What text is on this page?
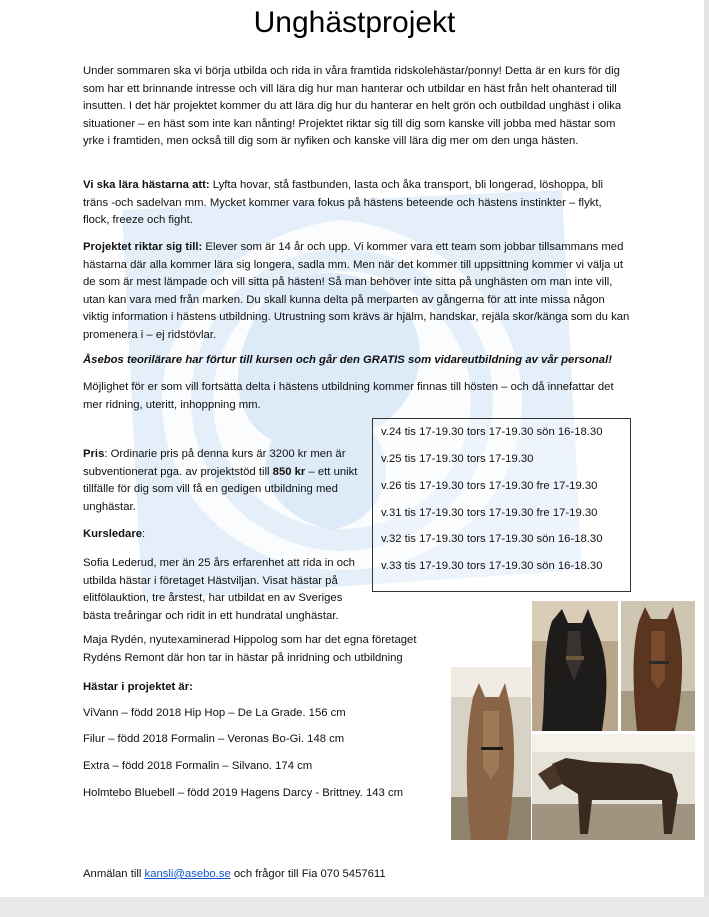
Unghästprojekt

Under sommaren ska vi börja utbilda och rida in våra framtida ridskolehästar/ponny! Detta är en kurs för dig som har ett brinnande intresse och vill lära dig hur man hanterar och utbildar en häst från helt ohanterad till insutten. I det här projektet kommer du att lära dig hur du hanterar en helt grön och outbildad unghäst i olika situationer – en häst som inte kan nånting! Projektet riktar sig till dig som kanske vill jobba med hästar som yrke i framtiden, men också till dig som är nyfiken och kanske vill lära dig mer om den unga hästen.

Vi ska lära hästarna att: Lyfta hovar, stå fastbunden, lasta och åka transport, bli longerad, löshoppa, bli träns -och sadelvan mm. Mycket kommer vara fokus på hästens beteende och hästens instinkter – flykt, flock, freeze och fight.

Projektet riktar sig till: Elever som är 14 år och upp. Vi kommer vara ett team som jobbar tillsammans med hästarna där alla kommer lära sig longera, sadla mm. Men när det kommer till uppsittning kommer vi välja ut de som är mest lämpade och vill sitta på hästen! Så man behöver inte sitta på unghästen om man inte vill, utan kan vara med från marken. Du skall kunna delta på merparten av gångerna för att inte missa någon viktig information i hästens utbildning. Utrustning som krävs är hjälm, handskar, rejäla skor/känga som du kan promenera i – ej ridstövlar.

Åsebos teorilärare har förtur till kursen och går den GRATIS som vidareutbildning av vår personal!

Möjlighet för er som vill fortsätta delta i hästens utbildning kommer finnas till hösten – och då innefattar det mer ridning, uteritt, inhoppning mm.

v.24 tis 17-19.30 tors 17-19.30 sön 16-18.30
v.25 tis 17-19.30 tors 17-19.30
v.26 tis 17-19.30 tors 17-19.30 fre 17-19.30
v.31 tis 17-19.30 tors 17-19.30 fre 17-19.30
v.32 tis 17-19.30 tors 17-19.30 sön 16-18.30
v.33 tis 17-19.30 tors 17-19.30 sön 16-18.30

Pris: Ordinarie pris på denna kurs är 3200 kr men är subventionerat pga. av projektstöd till 850 kr – ett unikt tillfälle för dig som vill få en gedigen utbildning med unghästar.

Kursledare:

Sofia Lederud, mer än 25 års erfarenhet att rida in och utbilda hästar i företaget Hästviljan. Visat hästar på elitfölauktion, tre årstest, har utbildat en av Sveriges bästa treåringar och ridit in ett hundratal unghästar.

Maja Rydén, nyutexaminerad Hippolog som har det egna företaget Rydéns Remont där hon tar in hästar på inridning och utbildning

Hästar i projektet är:

ViVann – född 2018 Hip Hop – De La Grade. 156 cm

Filur – född 2018 Formalin – Veronas Bo-Gi. 148 cm

Extra – född 2018 Formalin – Silvano. 174 cm

Holmtebo Bluebell – född 2019 Hagens Darcy - Brittney. 143 cm

Anmälan till kansli@asebo.se och frågor till Fia 070 5457611
